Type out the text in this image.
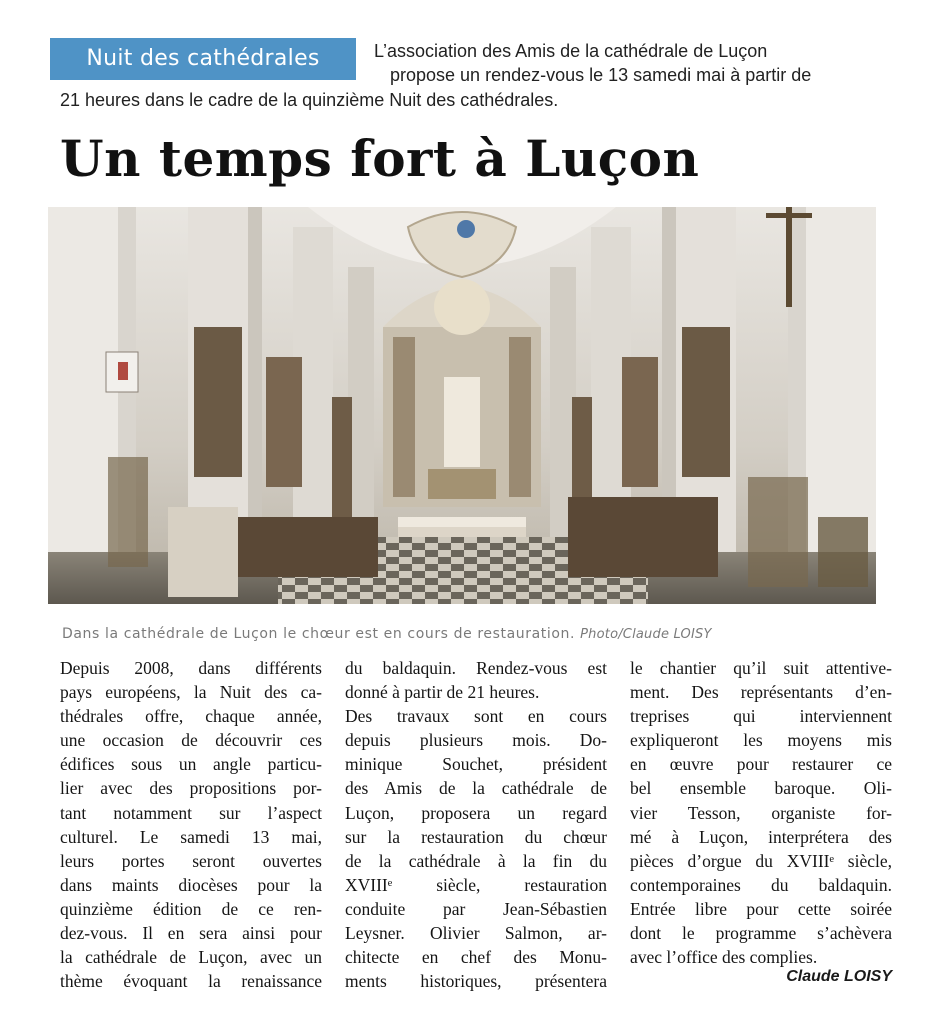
Nuit des cathédrales	L’association des Amis de la cathédrale de Luçon
propose un rendez-vous le 13 samedi mai à partir de
21 heures dans le cadre de la quinzième Nuit des cathédrales.
Un temps fort à Luçon
Dans la cathédrale de Luçon le chœur est en cours de restauration. Photo/Claude LOISY
Depuis 2008, dans différents
pays européens, la Nuit des ca-
thédrales offre, chaque année,
une occasion de découvrir ces
édifices sous un angle particu-
lier avec des propositions por-
tant notamment sur l’aspect
culturel. Le samedi 13 mai,
leurs portes seront ouvertes
dans maints diocèses pour la
quinzième édition de ce ren-
dez-vous. Il en sera ainsi pour
la cathédrale de Luçon, avec un
thème évoquant la renaissance
du baldaquin. Rendez-vous est
donné à partir de 21 heures.
Des travaux sont en cours
depuis plusieurs mois. Do-
minique Souchet, président
des Amis de la cathédrale de
Luçon, proposera un regard
sur la restauration du chœur
de la cathédrale à la fin du
XVIIIᵉ siècle, restauration
conduite par Jean-Sébastien
Leysner. Olivier Salmon, ar-
chitecte en chef des Monu-
ments historiques, présentera
le chantier qu’il suit attentive-
ment. Des représentants d’en-
treprises qui interviennent
expliqueront les moyens mis
en œuvre pour restaurer ce
bel ensemble baroque. Oli-
vier Tesson, organiste for-
mé à Luçon, interprétera des
pièces d’orgue du XVIIIᵉ siècle,
contemporaines du baldaquin.
Entrée libre pour cette soirée
dont le programme s’achèvera
avec l’office des complies.
Claude LOISY
